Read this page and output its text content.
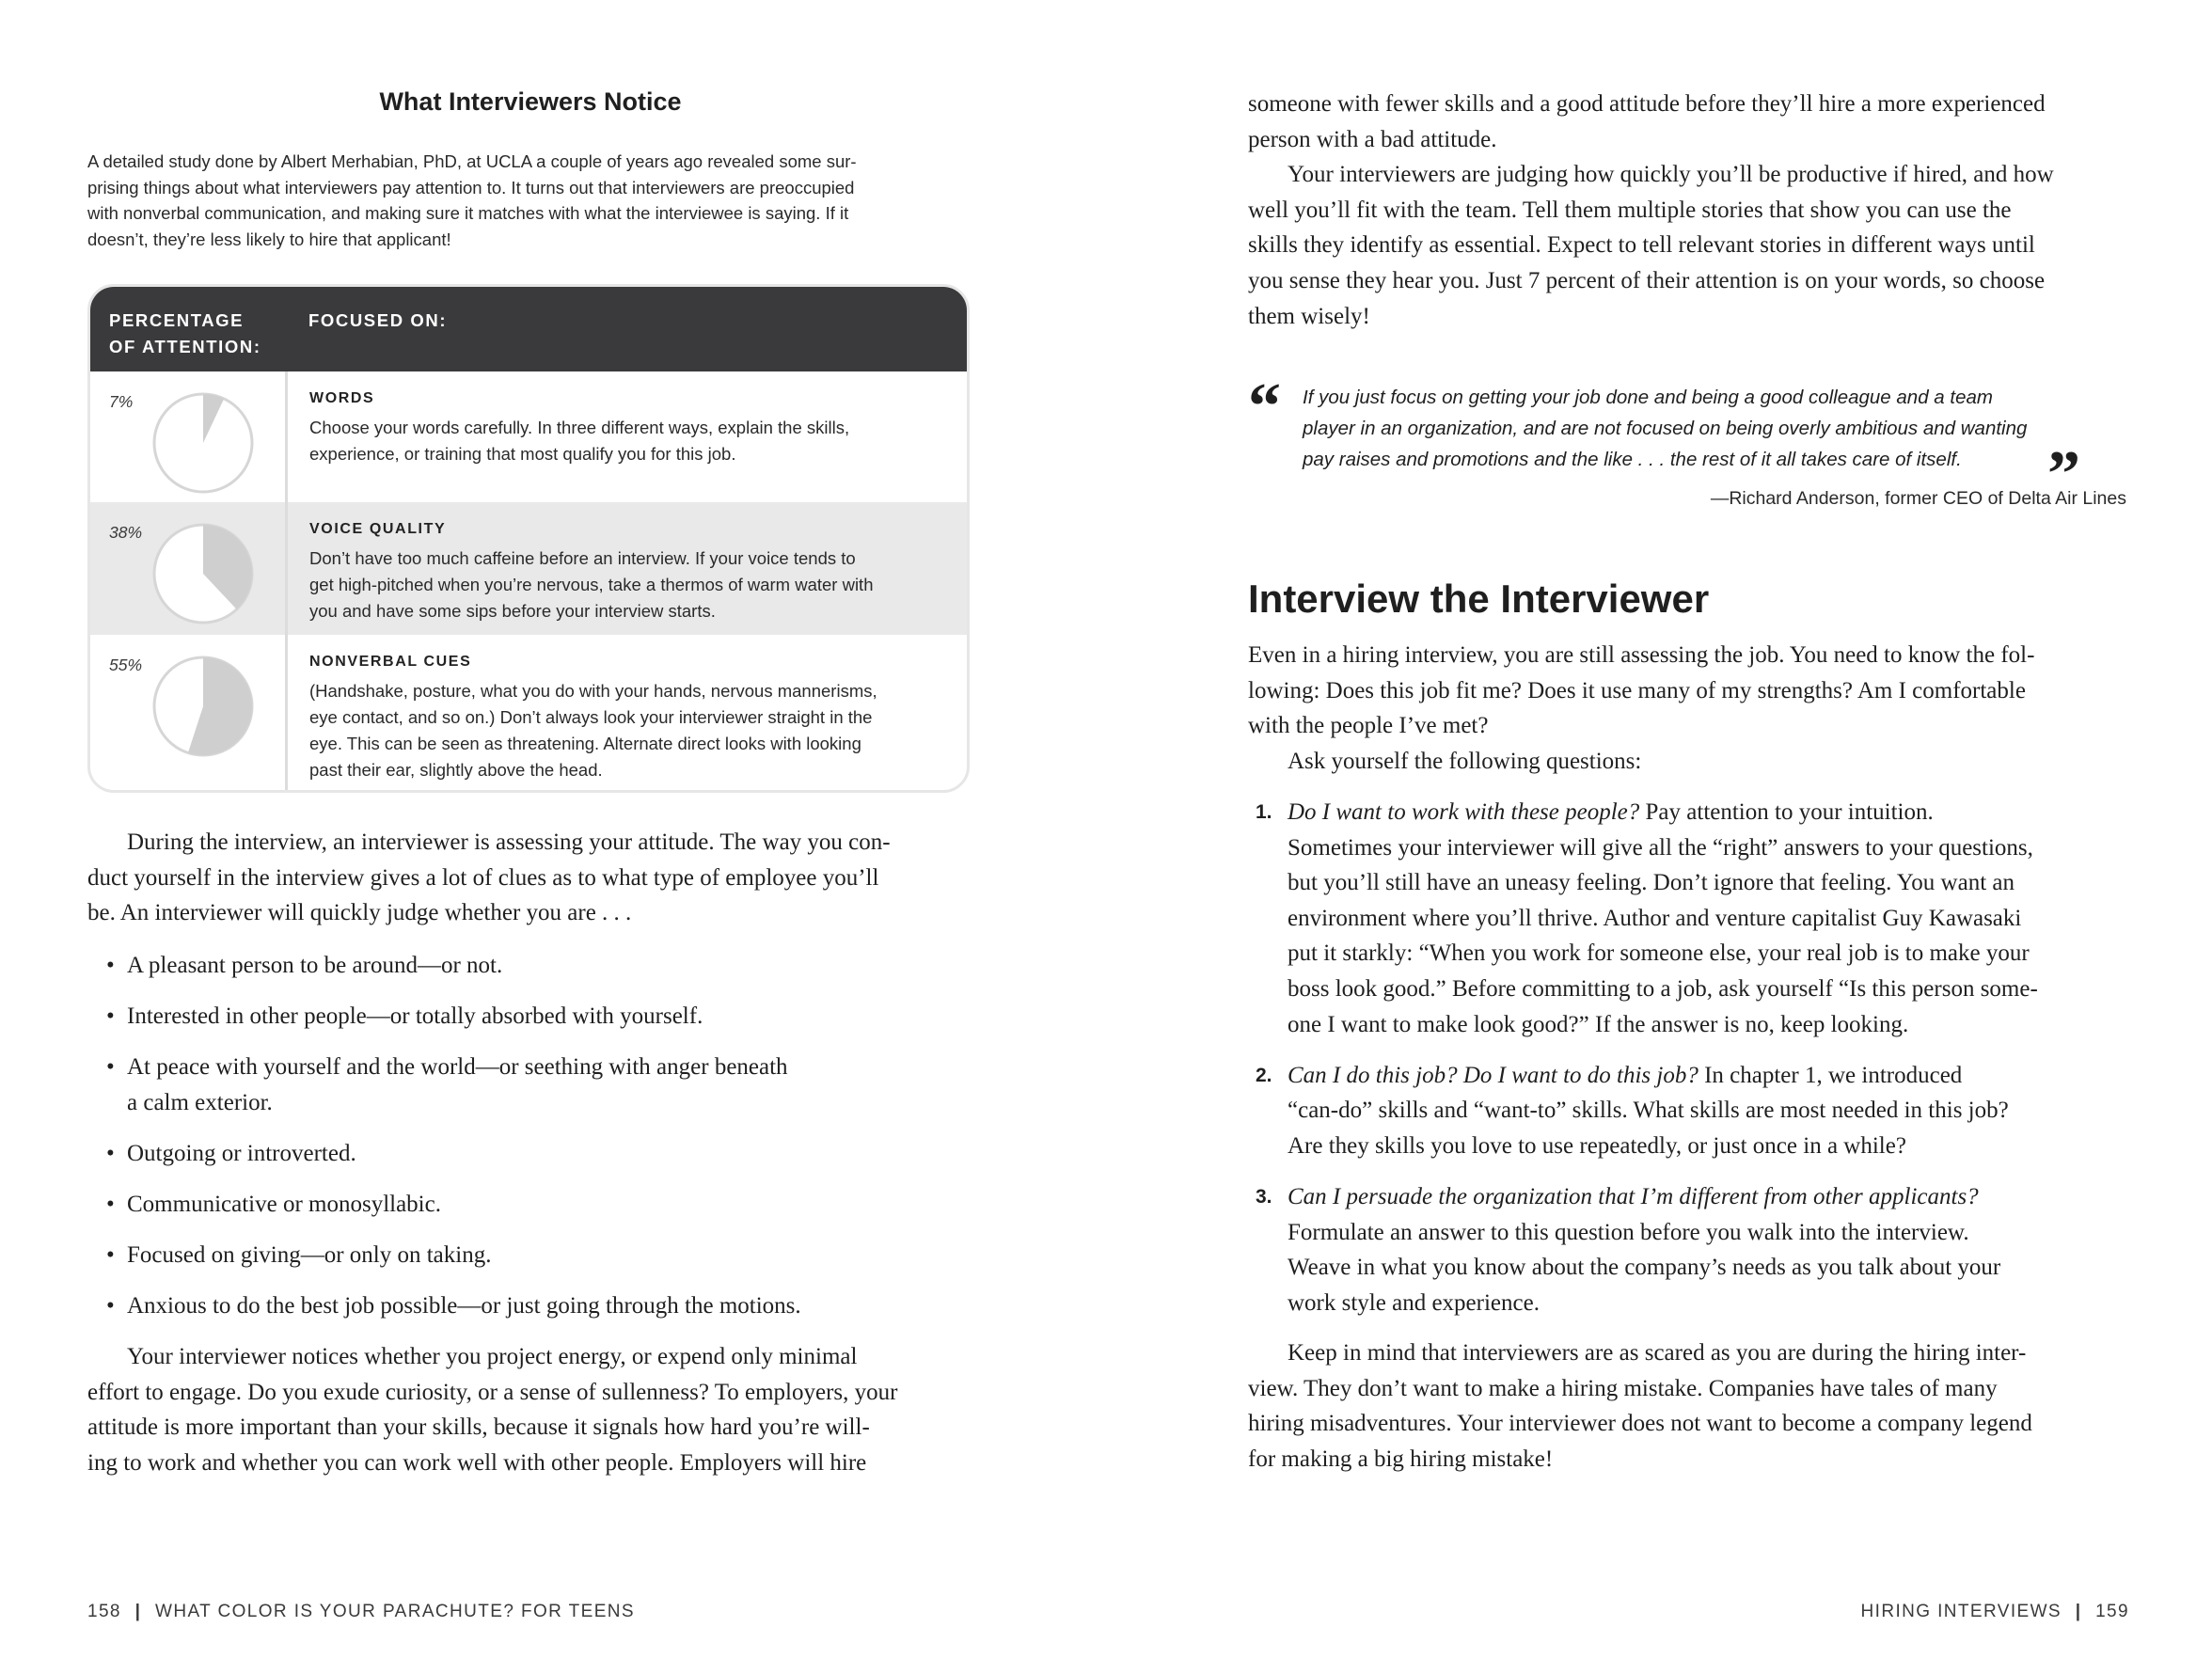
What Interviewers Notice
A detailed study done by Albert Merhabian, PhD, at UCLA a couple of years ago revealed some sur-
prising things about what interviewers pay attention to. It turns out that interviewers are preoccupied
with nonverbal communication, and making sure it matches with what the interviewee is saying. If it
doesn’t, they’re less likely to hire that applicant!
PERCENTAGE
OF ATTENTION:
FOCUSED ON:
7%	WORDS
Choose your words carefully. In three different ways, explain the skills,
experience, or training that most qualify you for this job.
38%	VOICE QUALITY
Don’t have too much caffeine before an interview. If your voice tends to
get high-pitched when you’re nervous, take a thermos of warm water with
you and have some sips before your interview starts.
55%	NONVERBAL CUES
(Handshake, posture, what you do with your hands, nervous mannerisms,
eye contact, and so on.) Don’t always look your interviewer straight in the
eye. This can be seen as threatening. Alternate direct looks with looking
past their ear, slightly above the head.
During the interview, an interviewer is assessing your attitude. The way you con-
duct yourself in the interview gives a lot of clues as to what type of employee you’ll
be. An interviewer will quickly judge whether you are . . .
• A pleasant person to be around—or not.
• Interested in other people—or totally absorbed with yourself.
• At peace with yourself and the world—or seething with anger beneath
a calm exterior.
• Outgoing or introverted.
• Communicative or monosyllabic.
• Focused on giving—or only on taking.
• Anxious to do the best job possible—or just going through the motions.
Your interviewer notices whether you project energy, or expend only minimal
effort to engage. Do you exude curiosity, or a sense of sullenness? To employers, your
attitude is more important than your skills, because it signals how hard you’re will-
ing to work and whether you can work well with other people. Employers will hire
158 | WHAT COLOR IS YOUR PARACHUTE? FOR TEENS
someone with fewer skills and a good attitude before they’ll hire a more experienced
person with a bad attitude.
Your interviewers are judging how quickly you’ll be productive if hired, and how
well you’ll fit with the team. Tell them multiple stories that show you can use the
skills they identify as essential. Expect to tell relevant stories in different ways until
you sense they hear you. Just 7 percent of their attention is on your words, so choose
them wisely!
“ If you just focus on getting your job done and being a good colleague and a team
player in an organization, and are not focused on being overly ambitious and wanting
pay raises and promotions and the like . . . the rest of it all takes care of itself.	”
—Richard Anderson, former CEO of Delta Air Lines
Interview the Interviewer
Even in a hiring interview, you are still assessing the job. You need to know the fol-
lowing: Does this job fit me? Does it use many of my strengths? Am I comfortable
with the people I’ve met?
Ask yourself the following questions:
1. Do I want to work with these people? Pay attention to your intuition.
Sometimes your interviewer will give all the “right” answers to your questions,
but you’ll still have an uneasy feeling. Don’t ignore that feeling. You want an
environment where you’ll thrive. Author and venture capitalist Guy Kawasaki
put it starkly: “When you work for someone else, your real job is to make your
boss look good.” Before committing to a job, ask yourself “Is this person some-
one I want to make look good?” If the answer is no, keep looking.
2. Can I do this job? Do I want to do this job? In chapter 1, we introduced
“can-do” skills and “want-to” skills. What skills are most needed in this job?
Are they skills you love to use repeatedly, or just once in a while?
3. Can I persuade the organization that I’m different from other applicants?
Formulate an answer to this question before you walk into the interview.
Weave in what you know about the company’s needs as you talk about your
work style and experience.
Keep in mind that interviewers are as scared as you are during the hiring inter-
view. They don’t want to make a hiring mistake. Companies have tales of many
hiring misadventures. Your interviewer does not want to become a company legend
for making a big hiring mistake!
HIRING INTERVIEWS | 159
